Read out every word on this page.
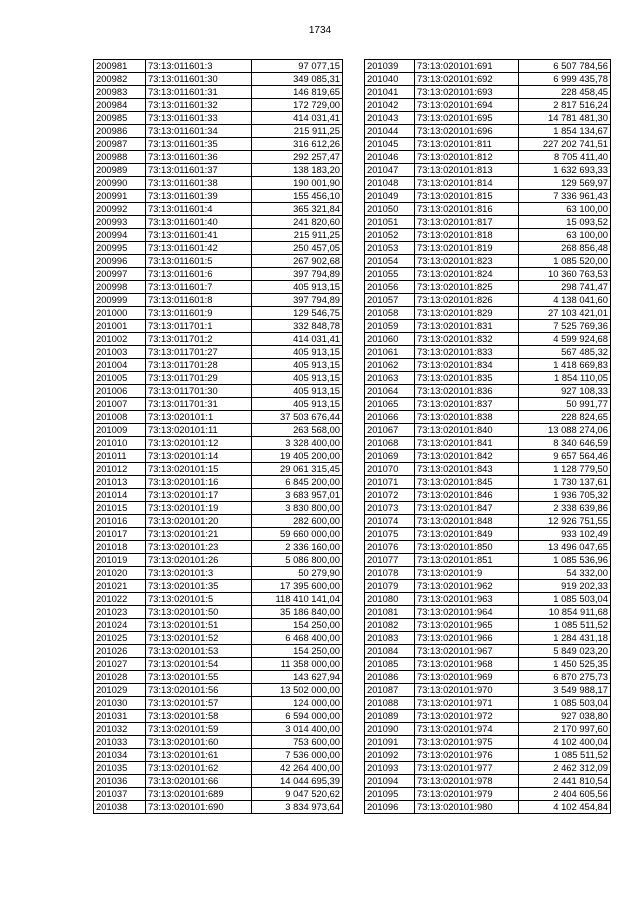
1734
200981	73:13:011601:3	97 077,15
200982	73:13:011601:30	349 085,31
200983	73:13:011601:31	146 819,65
200984	73:13:011601:32	172 729,00
200985	73:13:011601:33	414 031,41
200986	73:13:011601:34	215 911,25
200987	73:13:011601:35	316 612,26
200988	73:13:011601:36	292 257,47
200989	73:13:011601:37	138 183,20
200990	73:13:011601:38	190 001,90
200991	73:13:011601:39	155 456,10
200992	73:13:011601:4	365 321,84
200993	73:13:011601:40	241 820,60
200994	73:13:011601:41	215 911,25
200995	73:13:011601:42	250 457,05
200996	73:13:011601:5	267 902,68
200997	73:13:011601:6	397 794,89
200998	73:13:011601:7	405 913,15
200999	73:13:011601:8	397 794,89
201000	73:13:011601:9	129 546,75
201001	73:13:011701:1	332 848,78
201002	73:13:011701:2	414 031,41
201003	73:13:011701:27	405 913,15
201004	73:13:011701:28	405 913,15
201005	73:13:011701:29	405 913,15
201006	73:13:011701:30	405 913,15
201007	73:13:011701:31	405 913,15
201008	73:13:020101:1	37 503 676,44
201009	73:13:020101:11	263 568,00
201010	73:13:020101:12	3 328 400,00
201011	73:13:020101:14	19 405 200,00
201012	73:13:020101:15	29 061 315,45
201013	73:13:020101:16	6 845 200,00
201014	73:13:020101:17	3 683 957,01
201015	73:13:020101:19	3 830 800,00
201016	73:13:020101:20	282 600,00
201017	73:13:020101:21	59 660 000,00
201018	73:13:020101:23	2 336 160,00
201019	73:13:020101:26	5 086 800,00
201020	73:13:020101:3	50 279,90
201021	73:13:020101:35	17 395 600,00
201022	73:13:020101:5	118 410 141,04
201023	73:13:020101:50	35 186 840,00
201024	73:13:020101:51	154 250,00
201025	73:13:020101:52	6 468 400,00
201026	73:13:020101:53	154 250,00
201027	73:13:020101:54	11 358 000,00
201028	73:13:020101:55	143 627,94
201029	73:13:020101:56	13 502 000,00
201030	73:13:020101:57	124 000,00
201031	73:13:020101:58	6 594 000,00
201032	73:13:020101:59	3 014 400,00
201033	73:13:020101:60	753 600,00
201034	73:13:020101:61	7 536 000,00
201035	73:13:020101:62	42 264 400,00
201036	73:13:020101:66	14 044 695,39
201037	73:13:020101:689	9 047 520,62
201038	73:13:020101:690	3 834 973,64
201039	73:13:020101:691	6 507 784,56
201040	73:13:020101:692	6 999 435,78
201041	73:13:020101:693	228 458,45
201042	73:13:020101:694	2 817 516,24
201043	73:13:020101:695	14 781 481,30
201044	73:13:020101:696	1 854 134,67
201045	73:13:020101:811	227 202 741,51
201046	73:13:020101:812	8 705 411,40
201047	73:13:020101:813	1 632 693,33
201048	73:13:020101:814	129 569,97
201049	73:13:020101:815	7 336 961,43
201050	73:13:020101:816	63 100,00
201051	73:13:020101:817	15 093,52
201052	73:13:020101:818	63 100,00
201053	73:13:020101:819	268 856,48
201054	73:13:020101:823	1 085 520,00
201055	73:13:020101:824	10 360 763,53
201056	73:13:020101:825	298 741,47
201057	73:13:020101:826	4 138 041,60
201058	73:13:020101:829	27 103 421,01
201059	73:13:020101:831	7 525 769,36
201060	73:13:020101:832	4 599 924,68
201061	73:13:020101:833	567 485,32
201062	73:13:020101:834	1 418 669,83
201063	73:13:020101:835	1 854 110,05
201064	73:13:020101:836	927 108,33
201065	73:13:020101:837	50 991,77
201066	73:13:020101:838	228 824,65
201067	73:13:020101:840	13 088 274,06
201068	73:13:020101:841	8 340 646,59
201069	73:13:020101:842	9 657 564,46
201070	73:13:020101:843	1 128 779,50
201071	73:13:020101:845	1 730 137,61
201072	73:13:020101:846	1 936 705,32
201073	73:13:020101:847	2 338 639,86
201074	73:13:020101:848	12 926 751,55
201075	73:13:020101:849	933 102,49
201076	73:13:020101:850	13 496 047,65
201077	73:13:020101:851	1 085 536,96
201078	73:13:020101:9	54 332,00
201079	73:13:020101:962	919 202,33
201080	73:13:020101:963	1 085 503,04
201081	73:13:020101:964	10 854 911,68
201082	73:13:020101:965	1 085 511,52
201083	73:13:020101:966	1 284 431,18
201084	73:13:020101:967	5 849 023,20
201085	73:13:020101:968	1 450 525,35
201086	73:13:020101:969	6 870 275,73
201087	73:13:020101:970	3 549 988,17
201088	73:13:020101:971	1 085 503,04
201089	73:13:020101:972	927 038,80
201090	73:13:020101:974	2 170 997,60
201091	73:13:020101:975	4 102 400,04
201092	73:13:020101:976	1 085 511,52
201093	73:13:020101:977	2 462 312,09
201094	73:13:020101:978	2 441 810,54
201095	73:13:020101:979	2 404 605,56
201096	73:13:020101:980	4 102 454,84
